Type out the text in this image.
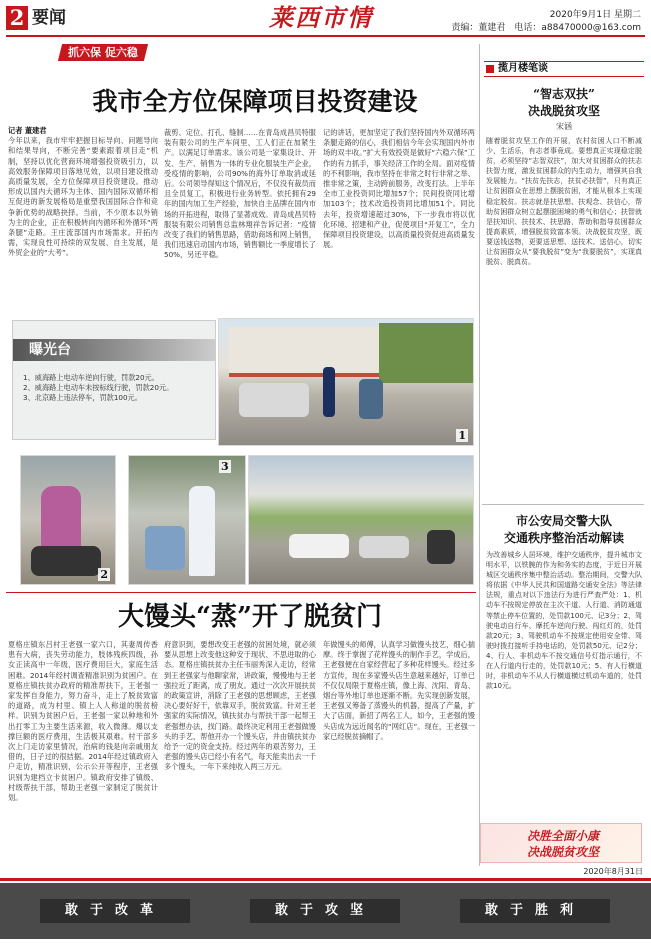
2 要闻	莱西市情	2020年9月1日 星期二
责编：董建君　 电话：a88470000@163.com
抓六保 促六稳
我市全方位保障项目投资建设
记者 董建君
今年以来，我市牢牢把握目标导向、问题导向和结果导向，不断完善“要素跟着项目走”机制，坚持以优化营商环境增强投资吸引力，以高效服务保障项目落地见效，以项目建设推动高质量发展，全方位保障项目投资建设。推动形成以国内大循环为主体、国内国际双循环相互促进的新发展格局是重塑我国国际合作和竞争新优势的战略抉择。当前，不少原本以外销为主的企业，正在积极转向内循环和外循环“两条腿”走路。王庄流部国内市场需求。开拓内需，实现良性可持续的双发展、自主发展，是外贸企业的“大考”。
裁剪、定位、打孔、缝制……在青岛成昌贝特服装有限公司的生产车间里，工人们正在加紧生产。以满足订单需求。该公司是一家集设计、开发、生产、销售为一体的专业化服装生产企业，受疫情的影响，公司90%的海外订单取消或延后。公司领导得知这个情况后，不仅没有裁员而且全员复工，积极进行业务转型。依托拥有29年的国内加工生产经验，加快自主品牌在国内市场的开拓进程，取得了显著成效。青岛成昌贝特服装有限公司销售总监林翔祥告诉记者：“疫情改变了我们的销售思路，借助商场和网上销售，我们迅速启动国内市场，销售额比一季度增长了50%，另还平稳。
记的讲话，更加坚定了我们坚持国内外双循环两条腿走路的信心，我们相信今年会实现国内外市场的双丰收。”扩大有效投资是做好“六稳六保”工作的有力抓手，事关经济工作的全局。面对疫情的不利影响，我市坚持在非常之时行非常之举、推非常之策，主动跨前服务，改变打法。上半年全市工业投资同比增加57个；民间投资同比增加103个；技术改造投资同比增加51个。同比去年，投资增速超过30%，下一步我市将以优化环境、招建和产业，促使项目“开复工”，全力保障项目投资建设，以高质量投资促进高质量发展。
曝光台
1、威海路上电动车逆向行驶，罚款20元。
2、威海路上电动车未按标线行驶，罚款20元。
3、北京路上违法停车，罚款100元。
1
2
3
大馒头“蒸”开了脱贫门
夏格庄镇东吕村王老强一家六口，其妻周传香患有大病，丧失劳动能力，肢体残疾四级，孙女正读高中一年级，医疗费用巨大，家庭生活困难。2014年经村调查精准识别为贫困户。在夏格庄镇扶贫办政府的精准帮扶下，王老强一家发挥自身能力，努力奋斗，走上了脱贫致富的道路，成为村里、镇上人人称道的脱贫榜样。识别为贫困户后，王老强一家以种地和外出打零工为主要生活来源，收入微薄。爆以支撑巨额的医疗费用，生活极其艰难。村干部多次上门走访家里情况，治病的钱是向亲戚朋友借的，日子过的很拮据。2014年经过镇政府入户走访，精准识别，公示公开等程序，王老强识别为建档立卡贫困户。镇政府安排了镇级、村级帮扶干部，帮助王老强一家制定了脱贫计划。
府意识到，要想改变王老强的贫困处境，就必须要从思想上改变他这种安于现状、不思进取的心态。夏格庄镇扶贫办主任韦丽秀深入走访，经常到王老强家与他聊家常，讲政策，慢慢地与王老强拉近了距离，成了朋友。通过一次次开展扶贫的政策宣讲，消除了王老强的思想顾虑，王老强决心要好好干，依靠双手，脱贫致富。针对王老强家的实际情况，镇扶贫办与帮扶干部一起帮王老强想办法，找门路。最终决定利用王老强做馒头的手艺，帮他开办一个馒头店，并由镇扶贫办给予一定的资金支持。经过两年的艰苦努力，王老强的馒头店已经小有名气，每天能卖出去一千多个馒头，一年下来纯收入两三万元。
年做馒头的师傅，认真学习做馒头技艺，细心揣摩。终于掌握了花样馒头的制作手艺，学成后，王老强便在自家经营起了多种花样馒头。经过多方宣传，现在多家馒头店生意越来越好，订单已不仅仅局限于夏格庄镇，像上海、沈阳、青岛、烟台等外地订单也逐渐不断。先实现创新发展，王老强又筹备了蒸馒头的机器，提高了产量，扩大了店面，新招了两名工人，如今，王老强的馒头店成为远近闻名的“网红店”。现在，王老强一家已经脱贫摘帽了。
揽月楼笔谈
“智志双扶”
决战脱贫攻坚
宋涵
随着脱贫攻坚工作的开展，农村贫困人口不断减少，生活乐，有志者事竟成。要想真正实现稳定脱贫，必须坚持“志智双扶”，加大对贫困群众的扶志扶智力度，激发贫困群众的内生动力，增强其自我发展能力。“扶贫先扶志，扶贫必扶智”，只有真正让贫困群众在思想上摆脱贫困，才能从根本上实现稳定脱贫。扶志就是扶思想、扶观念、扶信心，帮助贫困群众树立起摆脱困境的勇气和信心；扶智就是扶知识、扶技术、扶思路，帮助和指导贫困群众提高素质，增强脱贫致富本领。决战脱贫攻坚，既要送钱送物，更要送思想、送技术、送信心，切实让贫困群众从“要我脱贫”变为“我要脱贫”，实现真脱贫、脱真贫。
市公安局交警大队
交通秩序整治活动解读
为改善城乡人居环境，维护交通秩序，提升城市文明水平，以铁腕的作为和务实的态度，于近日开展城区交通秩序集中整治活动。整治期间，交警大队将依据《中华人民共和国道路交通安全法》等法律法规，重点对以下违法行为进行严查严处：1、机动车不按规定停放在主次干道、人行道、消防通道等禁止停车位置的，处罚款100元、记3分；2、驾驶电动自行车、摩托车逆向行驶、闯红灯的，处罚款20元；3、驾驶机动车不按规定使用安全带、驾驶时拨打接听手持电话的，处罚款50元、记2分；4、行人、非机动车不按交通信号灯指示通行，不在人行道内行走的，处罚款10元；5、有人行横道时，非机动车不从人行横道横过机动车道的，处罚款10元。
决胜全面小康
决战脱贫攻坚
2020年8月31日
敢于改革	敢于攻坚	敢于胜利
